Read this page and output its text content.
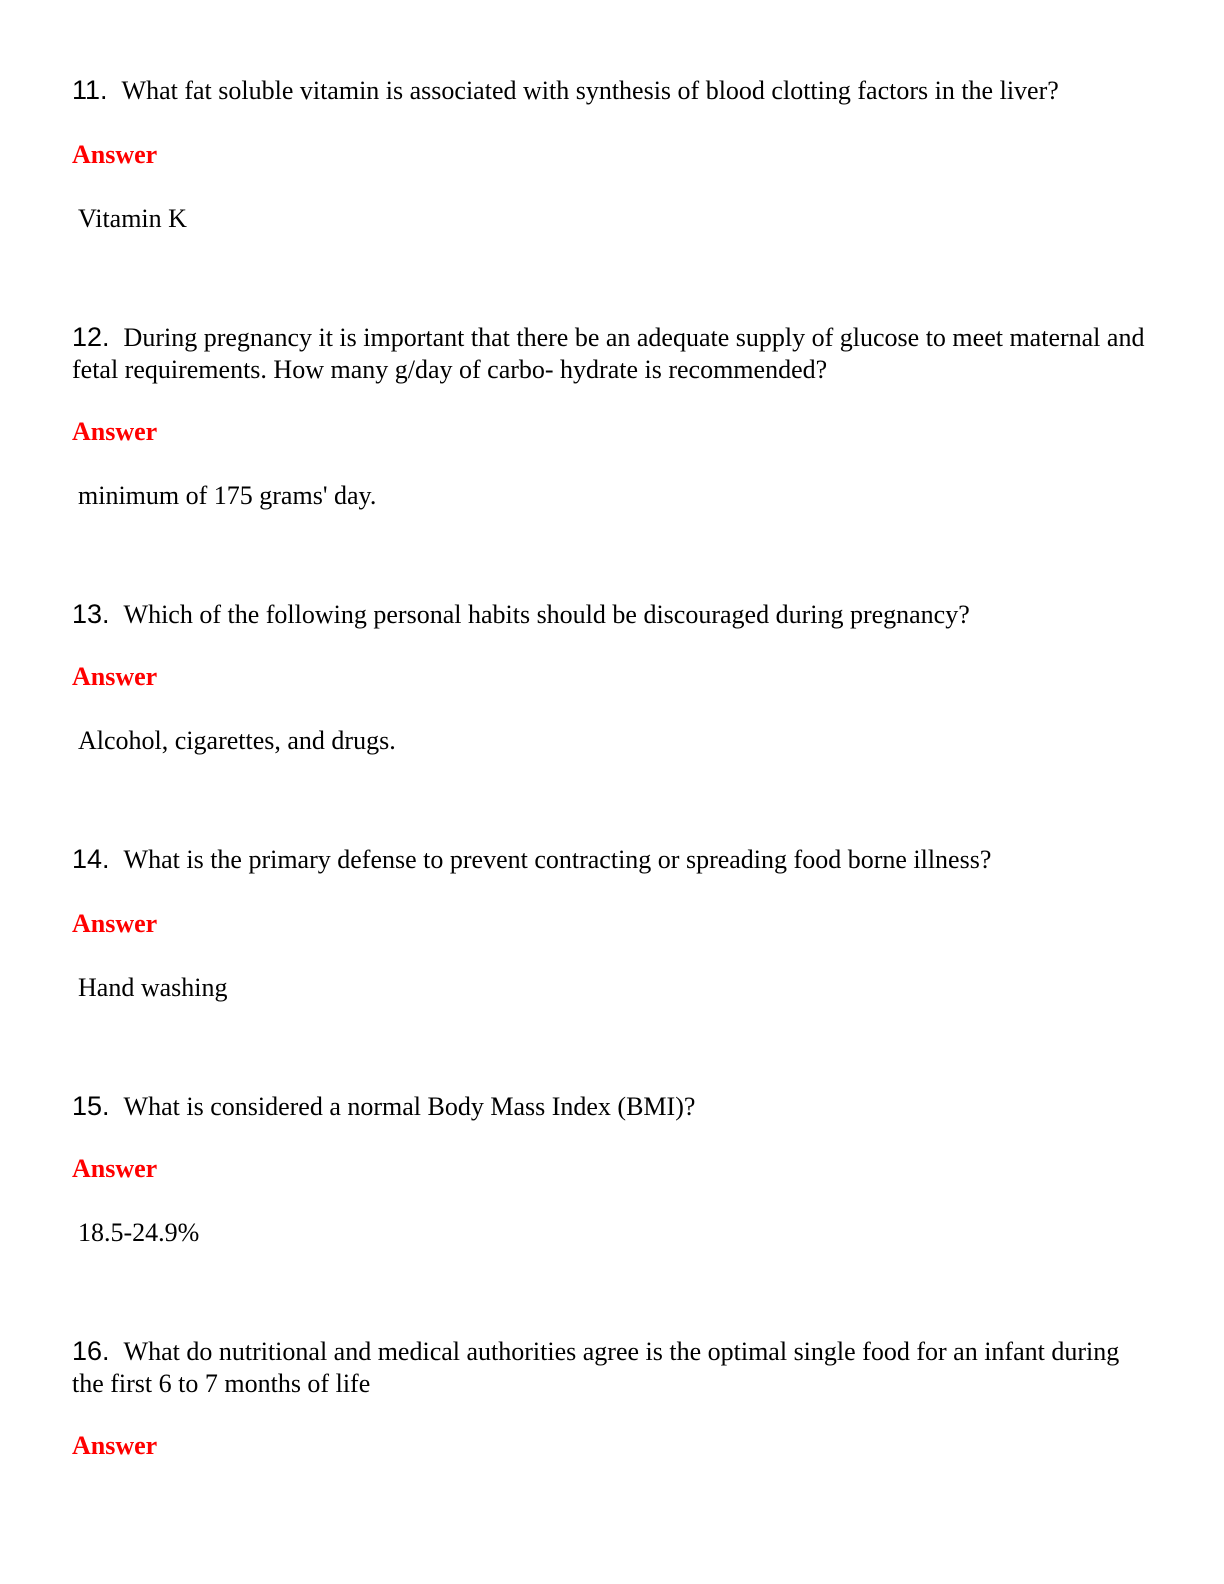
11. What fat soluble vitamin is associated with synthesis of blood clotting factors in the liver?

Answer
Vitamin K

12. During pregnancy it is important that there be an adequate supply of glucose to meet maternal and fetal requirements. How many g/day of carbo- hydrate is recommended?

Answer
minimum of 175 grams' day.

13. Which of the following personal habits should be discouraged during pregnancy?

Answer
Alcohol, cigarettes, and drugs.

14. What is the primary defense to prevent contracting or spreading food borne illness?

Answer
Hand washing

15. What is considered a normal Body Mass Index (BMI)?

Answer
18.5-24.9%

16. What do nutritional and medical authorities agree is the optimal single food for an infant during the first 6 to 7 months of life

Answer
